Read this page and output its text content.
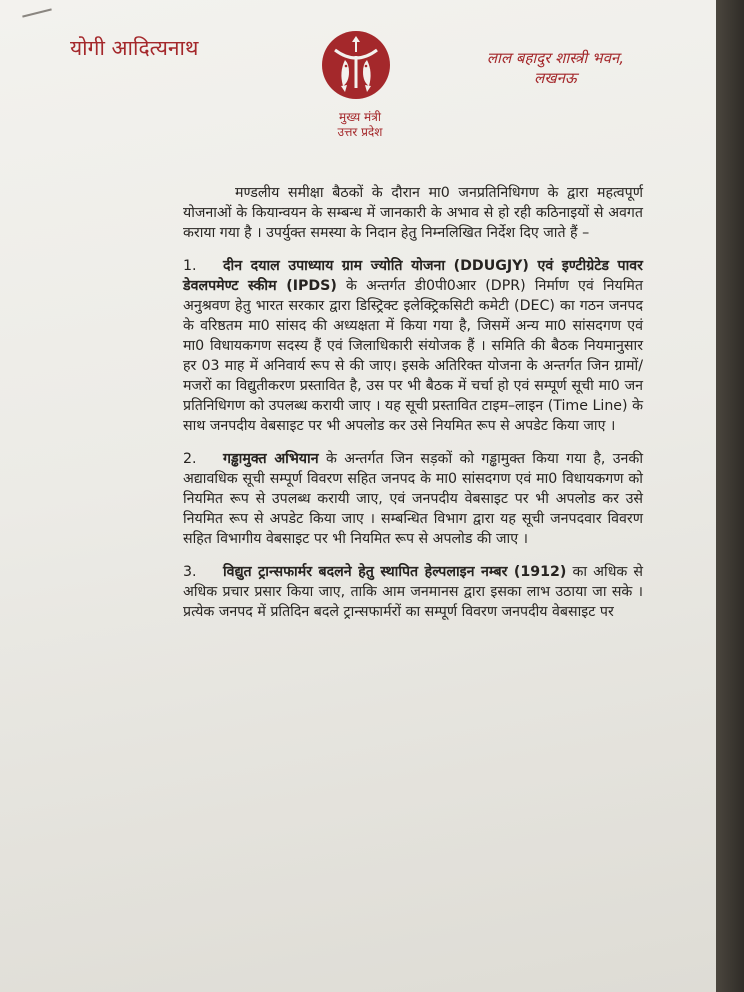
योगी आदित्यनाथ
मुख्य मंत्री
उत्तर प्रदेश
लाल बहादुर शास्त्री भवन,
लखनऊ

मण्डलीय समीक्षा बैठकों के दौरान मा0 जनप्रतिनिधिगण के द्वारा महत्वपूर्ण योजनाओं के कियान्वयन के सम्बन्ध में जानकारी के अभाव से हो रही कठिनाइयों से अवगत कराया गया है । उपर्युक्त समस्या के निदान हेतु निम्नलिखित निर्देश दिए जाते हैं –

1. दीन दयाल उपाध्याय ग्राम ज्योति योजना (DDUGJY) एवं इण्टीग्रेटेड पावर डेवलपमेण्ट स्कीम (IPDS) के अन्तर्गत डी0पी0आर (DPR) निर्माण एवं नियमित अनुश्रवण हेतु भारत सरकार द्वारा डिस्ट्रिक्ट इलेक्ट्रिकसिटी कमेटी (DEC) का गठन जनपद के वरिष्ठतम मा0 सांसद की अध्यक्षता में किया गया है, जिसमें अन्य मा0 सांसदगण एवं मा0 विधायकगण सदस्य हैं एवं जिलाधिकारी संयोजक हैं । समिति की बैठक नियमानुसार हर 03 माह में अनिवार्य रूप से की जाए। इसके अतिरिक्त योजना के अन्तर्गत जिन ग्रामों/मजरों का विद्युतीकरण प्रस्तावित है, उस पर भी बैठक में चर्चा हो एवं सम्पूर्ण सूची मा0 जन प्रतिनिधिगण को उपलब्ध करायी जाए । यह सूची प्रस्तावित टाइम–लाइन (Time Line) के साथ जनपदीय वेबसाइट पर भी अपलोड कर उसे नियमित रूप से अपडेट किया जाए ।

2. गड्ढामुक्त अभियान के अन्तर्गत जिन सड़कों को गड्ढामुक्त किया गया है, उनकी अद्यावधिक सूची सम्पूर्ण विवरण सहित जनपद के मा0 सांसदगण एवं मा0 विधायकगण को नियमित रूप से उपलब्ध करायी जाए, एवं जनपदीय वेबसाइट पर भी अपलोड कर उसे नियमित रूप से अपडेट किया जाए । सम्बन्धित विभाग द्वारा यह सूची जनपदवार विवरण सहित विभागीय वेबसाइट पर भी नियमित रूप से अपलोड की जाए ।

3. विद्युत ट्रान्सफार्मर बदलने हेतु स्थापित हेल्पलाइन नम्बर (1912) का अधिक से अधिक प्रचार प्रसार किया जाए, ताकि आम जनमानस द्वारा इसका लाभ उठाया जा सके । प्रत्येक जनपद में प्रतिदिन बदले ट्रान्सफार्मरों का सम्पूर्ण विवरण जनपदीय वेबसाइट पर
